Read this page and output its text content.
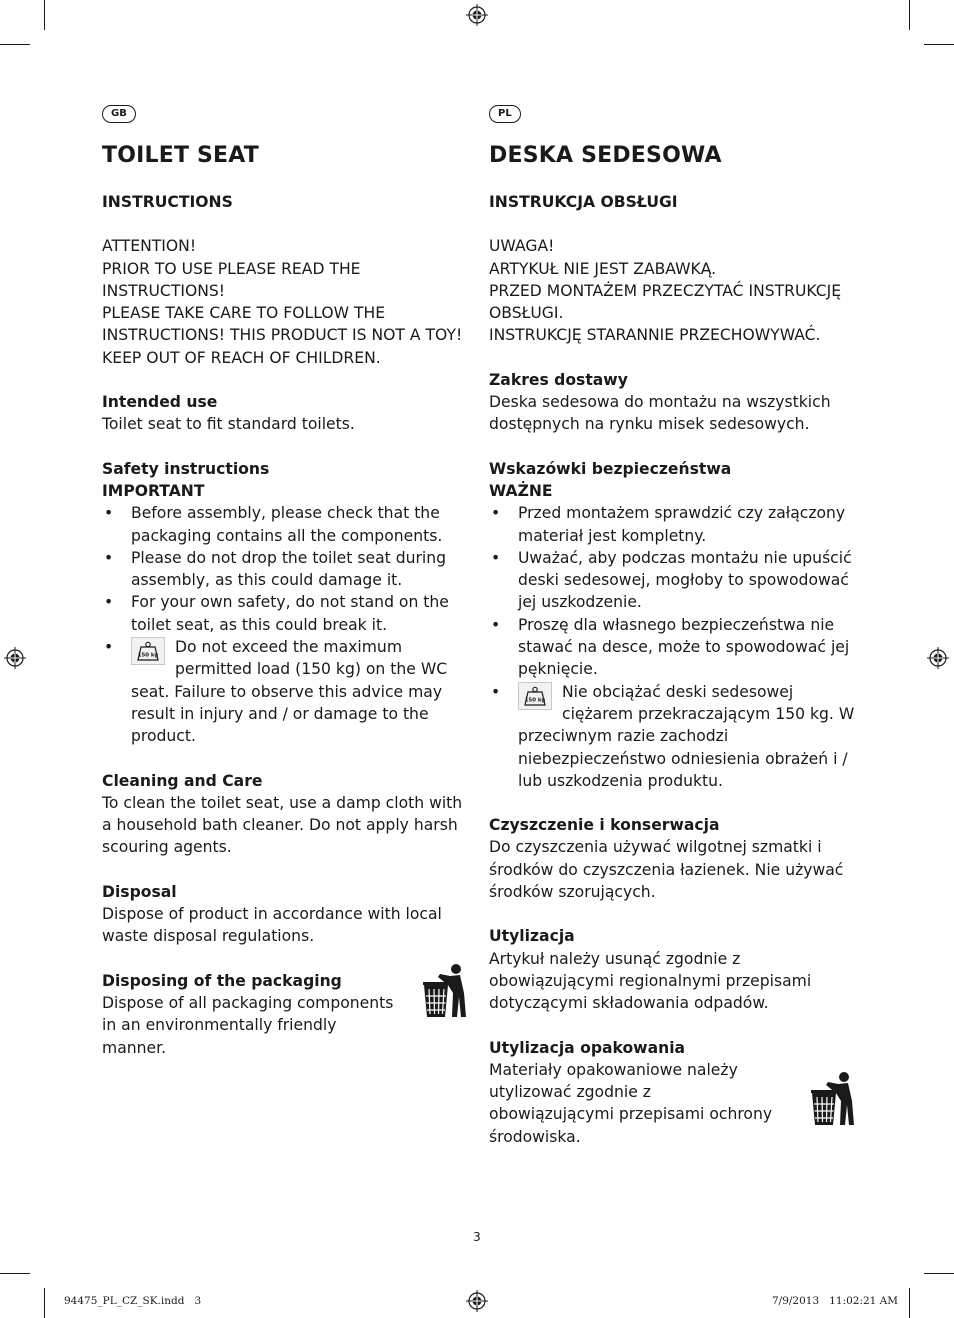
GB
TOILET SEAT
INSTRUCTIONS

ATTENTION!

PRIOR TO USE PLEASE READ THE

INSTRUCTIONS!

PLEASE TAKE CARE TO FOLLOW THE

INSTRUCTIONS! THIS PRODUCT IS NOT A TOY!

KEEP OUT OF REACH OF CHILDREN.

Intended use

Toilet seat to fit standard toilets.

Safety instructions

IMPORTANT

• Before assembly, please check that the packaging contains all the components.
• Please do not drop the toilet seat during assembly, as this could damage it.
• For your own safety, do not stand on the toilet seat, as this could break it.
•	150 kg Do not exceed the maximum permitted load (150 kg) on the WC seat. Failure to observe this advice may result in injury and / or damage to the product.

Cleaning and Care

To clean the toilet seat, use a damp cloth with a household bath cleaner. Do not apply harsh scouring agents.

Disposal

Dispose of product in accordance with local waste disposal regulations.

Disposing of the packaging

Dispose of all packaging components in an environmentally friendly manner.

PL
DESKA SEDESOWA
INSTRUKCJA OBSŁUGI

UWAGA!

ARTYKUŁ NIE JEST ZABAWKĄ.

PRZED MONTAŻEM PRZECZYTAĆ INSTRUKCJĘ

OBSŁUGI.

INSTRUKCJĘ STARANNIE PRZECHOWYWAĆ.

Zakres dostawy

Deska sedesowa do montażu na wszystkich dostępnych na rynku misek sedesowych.

Wskazówki bezpieczeństwa

WAŻNE

• Przed montażem sprawdzić czy załączony materiał jest kompletny.
• Uważać, aby podczas montażu nie upuścić deski sedesowej, mogłoby to spowodować jej uszkodzenie.
• Proszę dla własnego bezpieczeństwa nie stawać na desce, może to spowodować jej pęknięcie.
•	150 kg Nie obciążać deski sedesowej ciężarem przekraczającym 150 kg. W przeciwnym razie zachodzi niebezpieczeństwo odniesienia obrażeń i / lub uszkodzenia produktu.

Czyszczenie i konserwacja

Do czyszczenia używać wilgotnej szmatki i środków do czyszczenia łazienek. Nie używać środków szorujących.

Utylizacja

Artykuł należy usunąć zgodnie z obowiązującymi regionalnymi przepisami dotyczącymi składowania odpadów.

Utylizacja opakowania

Materiały opakowaniowe należy utylizować zgodnie z obowiązującymi przepisami ochrony środowiska.

3
94475_PL_CZ_SK.indd   3	7/9/2013   11:02:21 AM
